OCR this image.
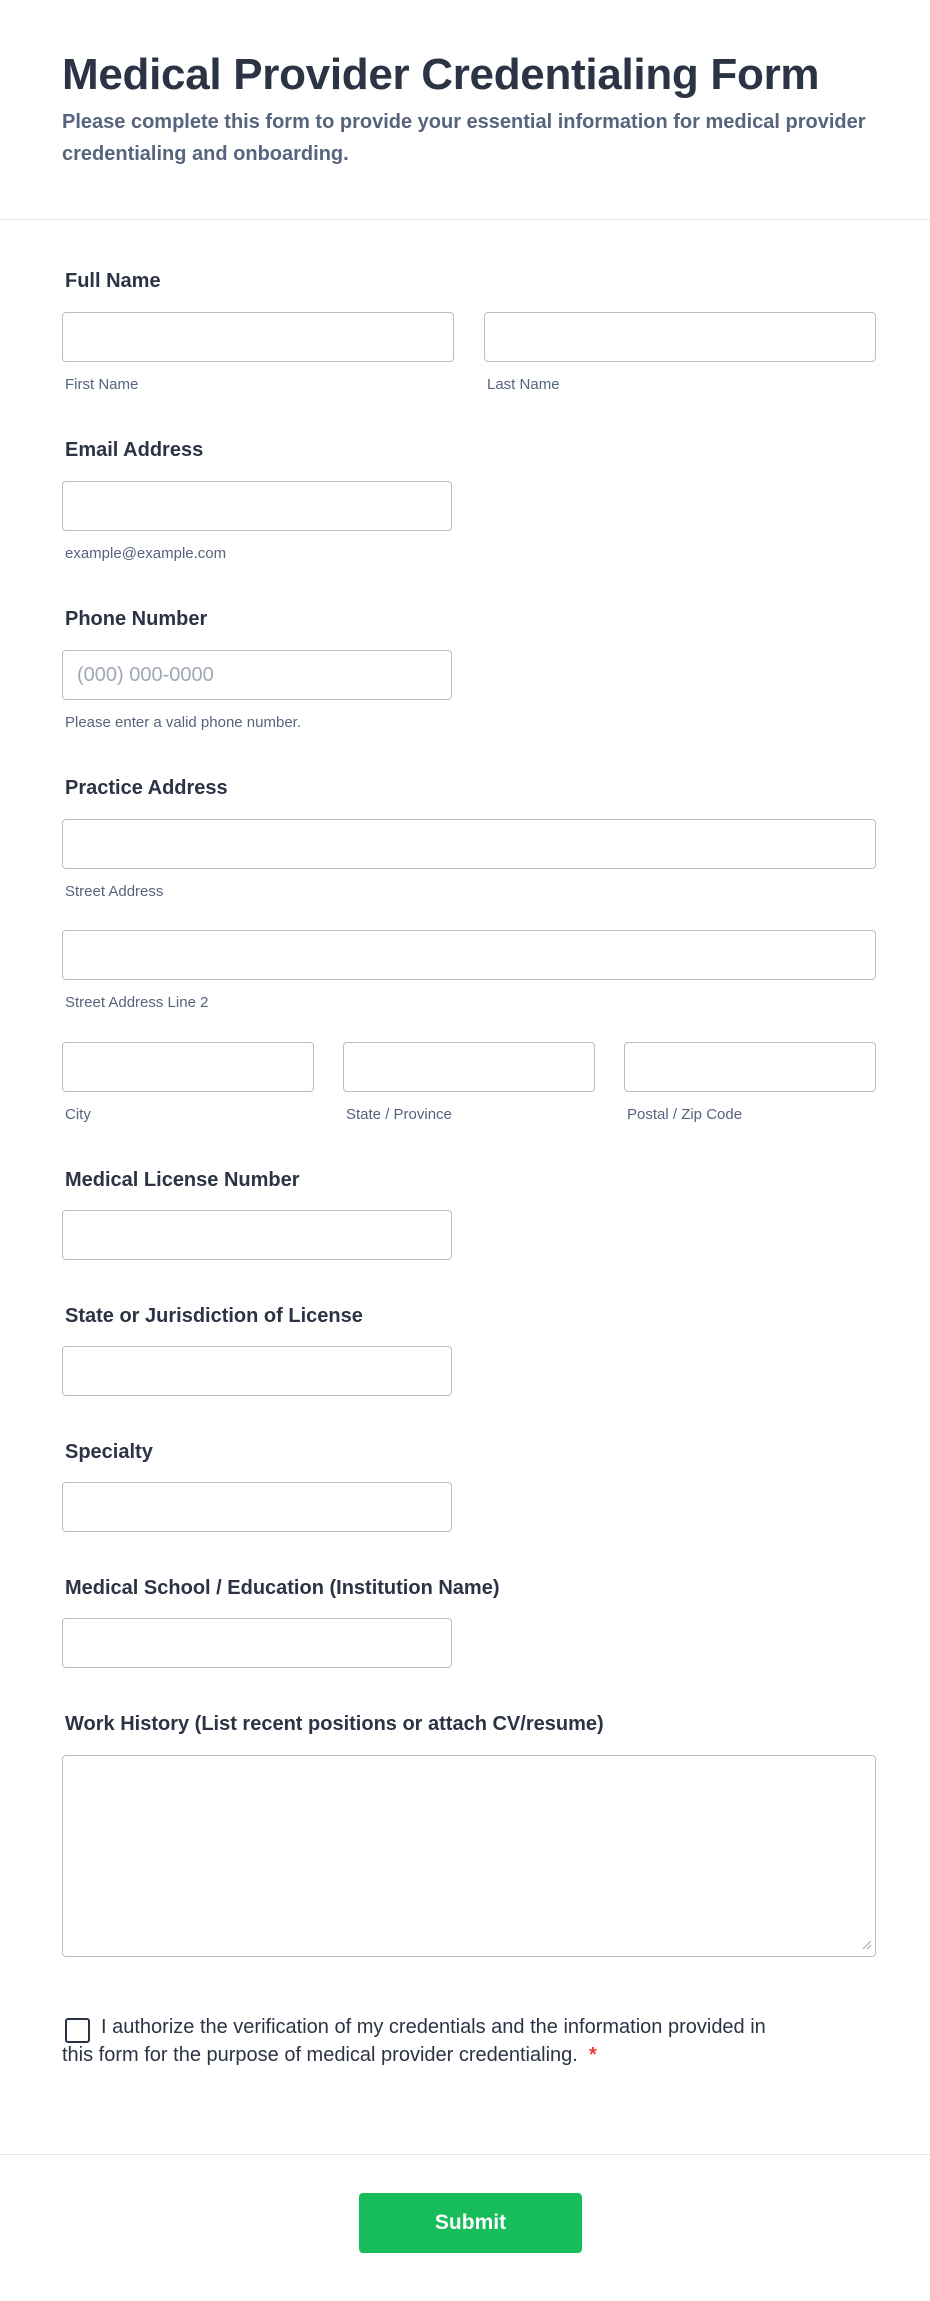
Medical Provider Credentialing Form

Please complete this form to provide your essential information for medical provider credentialing and onboarding.

Full Name
First Name	Last Name
Email Address
example@example.com
Phone Number
(000) 000-0000
Please enter a valid phone number.
Practice Address
Street Address
Street Address Line 2
City	State / Province	Postal / Zip Code
Medical License Number
State or Jurisdiction of License
Specialty
Medical School / Education (Institution Name)
Work History (List recent positions or attach CV/resume)

I authorize the verification of my credentials and the information provided in this form for the purpose of medical provider credentialing. *

Submit
